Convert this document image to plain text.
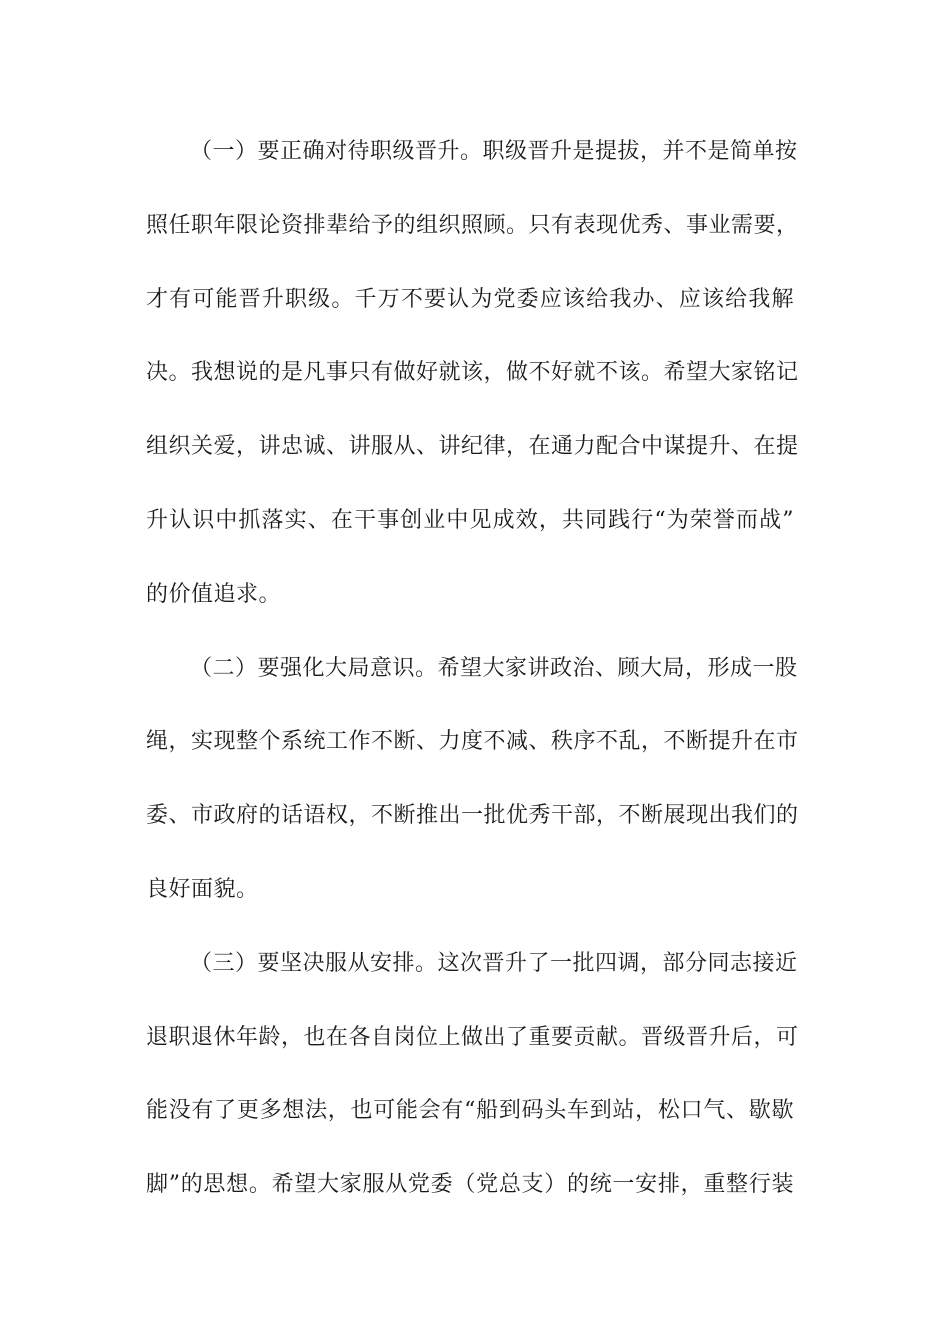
（一）要正确对待职级晋升。职级晋升是提拔，并不是简单按
照任职年限论资排辈给予的组织照顾。只有表现优秀、事业需要，
才有可能晋升职级。千万不要认为党委应该给我办、应该给我解
决。我想说的是凡事只有做好就该，做不好就不该。希望大家铭记
组织关爱，讲忠诚、讲服从、讲纪律，在通力配合中谋提升、在提
升认识中抓落实、在干事创业中见成效，共同践行“为荣誉而战”
的价值追求。
（二）要强化大局意识。希望大家讲政治、顾大局，形成一股
绳，实现整个系统工作不断、力度不减、秩序不乱，不断提升在市
委、市政府的话语权，不断推出一批优秀干部，不断展现出我们的
良好面貌。
（三）要坚决服从安排。这次晋升了一批四调，部分同志接近
退职退休年龄，也在各自岗位上做出了重要贡献。晋级晋升后，可
能没有了更多想法，也可能会有“船到码头车到站，松口气、歇歇
脚”的思想。希望大家服从党委（党总支）的统一安排，重整行装
